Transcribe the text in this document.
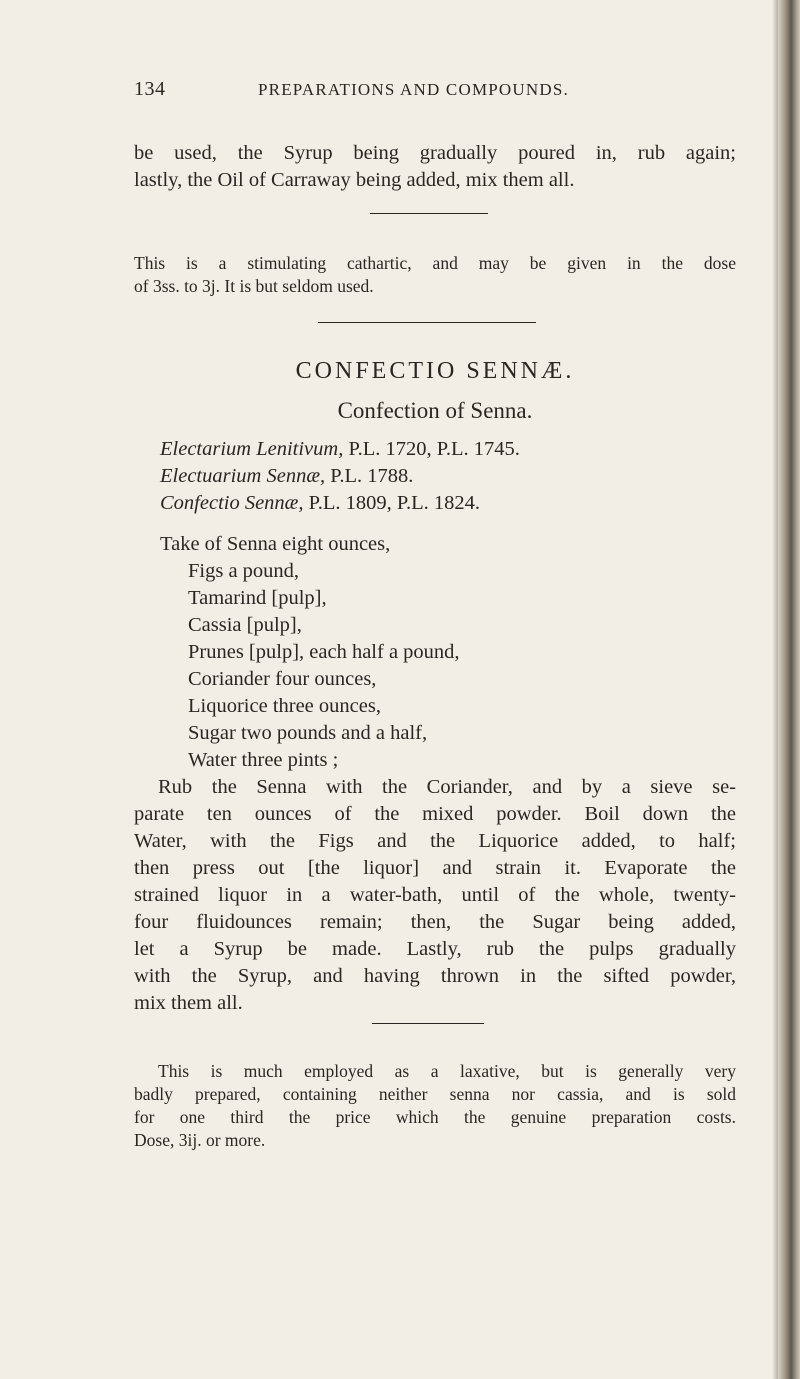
134	PREPARATIONS AND COMPOUNDS.

be used, the Syrup being gradually poured in, rub again;
lastly, the Oil of Carraway being added, mix them all.

This is a stimulating cathartic, and may be given in the dose
of 3ss. to 3j. It is but seldom used.

CONFECTIO SENNÆ.
Confection of Senna.
Electarium Lenitivum, P.L. 1720, P.L. 1745.
Electuarium Sennæ, P.L. 1788.
Confectio Sennæ, P.L. 1809, P.L. 1824.
Take of Senna eight ounces,
Figs a pound,
Tamarind [pulp],
Cassia [pulp],
Prunes [pulp], each half a pound,
Coriander four ounces,
Liquorice three ounces,
Sugar two pounds and a half,
Water three pints ;

Rub the Senna with the Coriander, and by a sieve se-
parate ten ounces of the mixed powder. Boil down the
Water, with the Figs and the Liquorice added, to half;
then press out [the liquor] and strain it. Evaporate the
strained liquor in a water-bath, until of the whole, twenty-
four fluidounces remain; then, the Sugar being added,
let a Syrup be made. Lastly, rub the pulps gradually
with the Syrup, and having thrown in the sifted powder,
mix them all.

This is much employed as a laxative, but is generally very
badly prepared, containing neither senna nor cassia, and is sold
for one third the price which the genuine preparation costs.
Dose, 3ij. or more.
